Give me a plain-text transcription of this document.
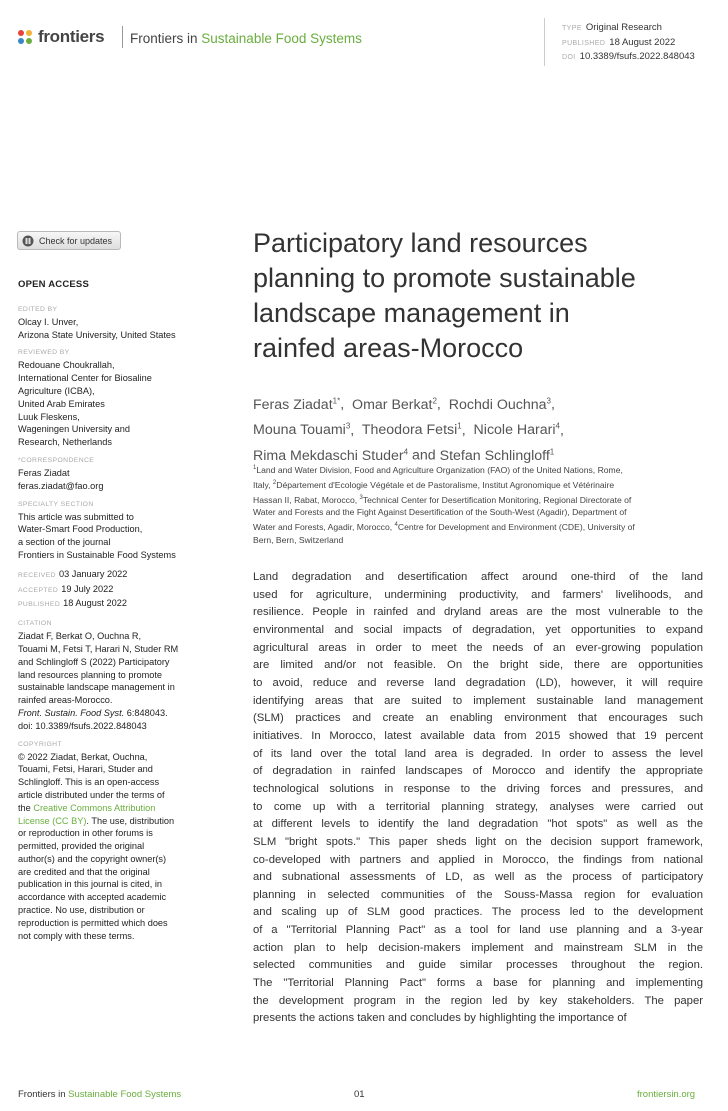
frontiers Frontiers in Sustainable Food Systems
TYPE Original Research
PUBLISHED 18 August 2022
DOI 10.3389/fsufs.2022.848043
Check for updates
OPEN ACCESS
EDITED BY
Olcay I. Unver,
Arizona State University, United States
REVIEWED BY
Redouane Choukrallah,
International Center for Biosaline
Agriculture (ICBA),
United Arab Emirates
Luuk Fleskens,
Wageningen University and
Research, Netherlands
*CORRESPONDENCE
Feras Ziadat
feras.ziadat@fao.org
SPECIALTY SECTION
This article was submitted to
Water-Smart Food Production,
a section of the journal
Frontiers in Sustainable Food Systems
RECEIVED 03 January 2022
ACCEPTED 19 July 2022
PUBLISHED 18 August 2022
CITATION
Ziadat F, Berkat O, Ouchna R,
Touami M, Fetsi T, Harari N, Studer RM
and Schlingloff S (2022) Participatory
land resources planning to promote
sustainable landscape management in
rainfed areas-Morocco.
Front. Sustain. Food Syst. 6:848043.
doi: 10.3389/fsufs.2022.848043
COPYRIGHT
© 2022 Ziadat, Berkat, Ouchna,
Touami, Fetsi, Harari, Studer and
Schlingloff. This is an open-access
article distributed under the terms of
the Creative Commons Attribution
License (CC BY). The use, distribution
or reproduction in other forums is
permitted, provided the original
author(s) and the copyright owner(s)
are credited and that the original
publication in this journal is cited, in
accordance with accepted academic
practice. No use, distribution or
reproduction is permitted which does
not comply with these terms.
Participatory land resources
planning to promote sustainable
landscape management in
rainfed areas-Morocco
Feras Ziadat$^{1*}$,  Omar Berkat$^2$,  Rochdi Ouchna$^3$,
Mouna Touami$^3$,  Theodora Fetsi$^1$,  Nicole Harari$^4$,
Rima Mekdaschi Studer$^4$ and Stefan Schlingloff$^1$
$^1$Land and Water Division, Food and Agriculture Organization (FAO) of the United Nations, Rome,
Italy, $^2$Département d'Ecologie Végétale et de Pastoralisme, Institut Agronomique et Vétérinaire
Hassan II, Rabat, Morocco, $^3$Technical Center for Desertification Monitoring, Regional Directorate of
Water and Forests and the Fight Against Desertification of the South-West (Agadir), Department of
Water and Forests, Agadir, Morocco, $^4$Centre for Development and Environment (CDE), University of
Bern, Bern, Switzerland
Land degradation and desertification affect around one-third of the land
used for agriculture, undermining productivity, and farmers' livelihoods, and
resilience. People in rainfed and dryland areas are the most vulnerable to the
environmental and social impacts of degradation, yet opportunities to expand
agricultural areas in order to meet the needs of an ever-growing population
are limited and/or not feasible. On the bright side, there are opportunities
to avoid, reduce and reverse land degradation (LD), however, it will require
identifying areas that are suited to implement sustainable land management
(SLM) practices and create an enabling environment that encourages such
initiatives. In Morocco, latest available data from 2015 showed that 19 percent
of its land over the total land area is degraded. In order to assess the level
of degradation in rainfed landscapes of Morocco and identify the appropriate
technological solutions in response to the driving forces and pressures, and
to come up with a territorial planning strategy, analyses were carried out
at different levels to identify the land degradation "hot spots" as well as the
SLM "bright spots." This paper sheds light on the decision support framework,
co-developed with partners and applied in Morocco, the findings from national
and subnational assessments of LD, as well as the process of participatory
planning in selected communities of the Souss-Massa region for evaluation
and scaling up of SLM good practices. The process led to the development
of a "Territorial Planning Pact" as a tool for land use planning and a 3-year
action plan to help decision-makers implement and mainstream SLM in the
selected communities and guide similar processes throughout the region.
The "Territorial Planning Pact" forms a base for planning and implementing
the development program in the region led by key stakeholders. The paper
presents the actions taken and concludes by highlighting the importance of
Frontiers in Sustainable Food Systems	01	frontiersin.org
